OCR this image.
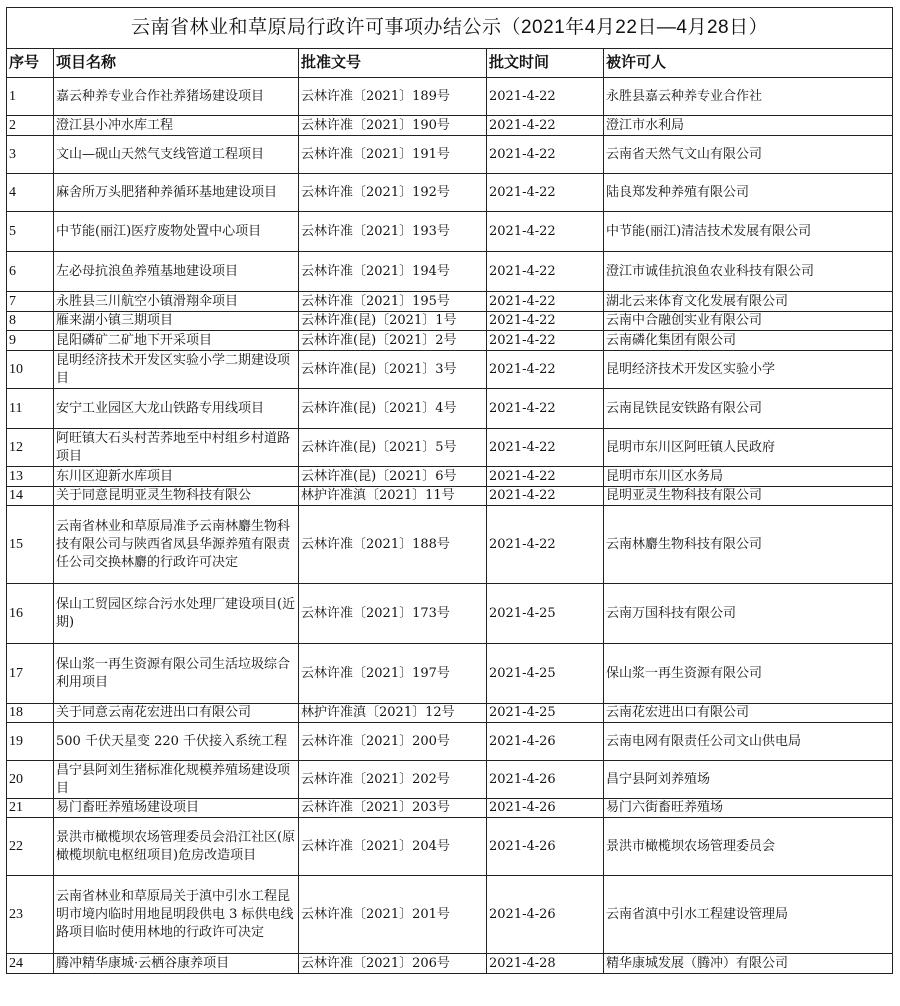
云南省林业和草原局行政许可事项办结公示（2021年4月22日—4月28日）				
序号	项目名称	批准文号	批文时间	被许可人
1	嘉云种养专业合作社养猪场建设项目	云林许准〔2021〕189号	2021-4-22	永胜县嘉云种养专业合作社
2	澄江县小冲水库工程	云林许准〔2021〕190号	2021-4-22	澄江市水利局
3	文山—砚山天然气支线管道工程项目	云林许准〔2021〕191号	2021-4-22	云南省天然气文山有限公司
4	麻舍所万头肥猪种养循环基地建设项目	云林许准〔2021〕192号	2021-4-22	陆良郑发种养殖有限公司
5	中节能(丽江)医疗废物处置中心项目	云林许准〔2021〕193号	2021-4-22	中节能(丽江)清洁技术发展有限公司
6	左必母抗浪鱼养殖基地建设项目	云林许准〔2021〕194号	2021-4-22	澄江市诚佳抗浪鱼农业科技有限公司
7	永胜县三川航空小镇滑翔伞项目	云林许准〔2021〕195号	2021-4-22	湖北云来体育文化发展有限公司
8	雁来湖小镇三期项目	云林许准(昆)〔2021〕1号	2021-4-22	云南中合融创实业有限公司
9	昆阳磷矿二矿地下开采项目	云林许准(昆)〔2021〕2号	2021-4-22	云南磷化集团有限公司
10	昆明经济技术开发区实验小学二期建设项目	云林许准(昆)〔2021〕3号	2021-4-22	昆明经济技术开发区实验小学
11	安宁工业园区大龙山铁路专用线项目	云林许准(昆)〔2021〕4号	2021-4-22	云南昆铁昆安铁路有限公司
12	阿旺镇大石头村苦荞地至中村组乡村道路项目	云林许准(昆)〔2021〕5号	2021-4-22	昆明市东川区阿旺镇人民政府
13	东川区迎新水库项目	云林许准(昆)〔2021〕6号	2021-4-22	昆明市东川区水务局
14	关于同意昆明亚灵生物科技有限公	林护许准滇〔2021〕11号	2021-4-22	昆明亚灵生物科技有限公司
15	云南省林业和草原局准予云南林麝生物科技有限公司与陕西省凤县华源养殖有限责任公司交换林麝的行政许可决定	云林许准〔2021〕188号	2021-4-22	云南林麝生物科技有限公司
16	保山工贸园区综合污水处理厂建设项目(近期)	云林许准〔2021〕173号	2021-4-25	云南万国科技有限公司
17	保山浆一再生资源有限公司生活垃圾综合利用项目	云林许准〔2021〕197号	2021-4-25	保山浆一再生资源有限公司
18	关于同意云南花宏进出口有限公司	林护许准滇〔2021〕12号	2021-4-25	云南花宏进出口有限公司
19	500 千伏天星变 220 千伏接入系统工程	云林许准〔2021〕200号	2021-4-26	云南电网有限责任公司文山供电局
20	昌宁县阿刘生猪标准化规模养殖场建设项目	云林许准〔2021〕202号	2021-4-26	昌宁县阿刘养殖场
21	易门畜旺养殖场建设项目	云林许准〔2021〕203号	2021-4-26	易门六街畜旺养殖场
22	景洪市橄榄坝农场管理委员会沿江社区(原橄榄坝航电枢纽项目)危房改造项目	云林许准〔2021〕204号	2021-4-26	景洪市橄榄坝农场管理委员会
23	云南省林业和草原局关于滇中引水工程昆明市境内临时用地昆明段供电 3 标供电线路项目临时使用林地的行政许可决定	云林许准〔2021〕201号	2021-4-26	云南省滇中引水工程建设管理局
24	腾冲精华康城·云栖谷康养项目	云林许准〔2021〕206号	2021-4-28	精华康城发展（腾冲）有限公司
